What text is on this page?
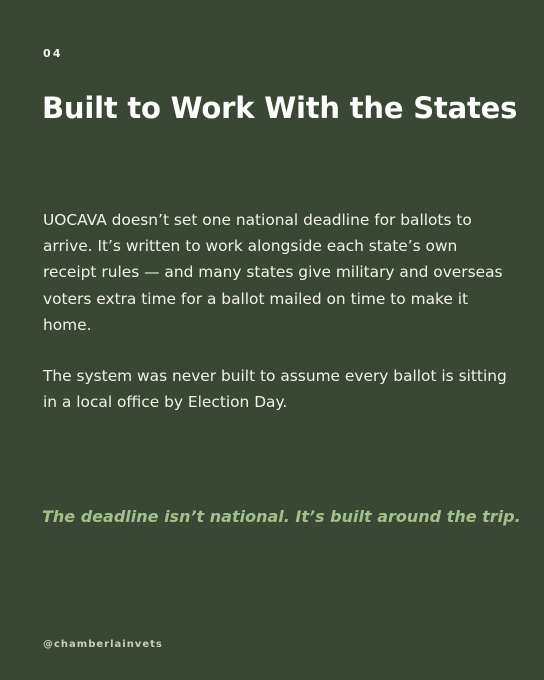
04
Built to Work With the States

UOCAVA doesn’t set one national deadline for ballots to arrive. It’s written to work alongside each state’s own receipt rules — and many states give military and overseas voters extra time for a ballot mailed on time to make it home.

The system was never built to assume every ballot is sitting in a local office by Election Day.

The deadline isn’t national. It’s built around the trip.
@chamberlainvets
